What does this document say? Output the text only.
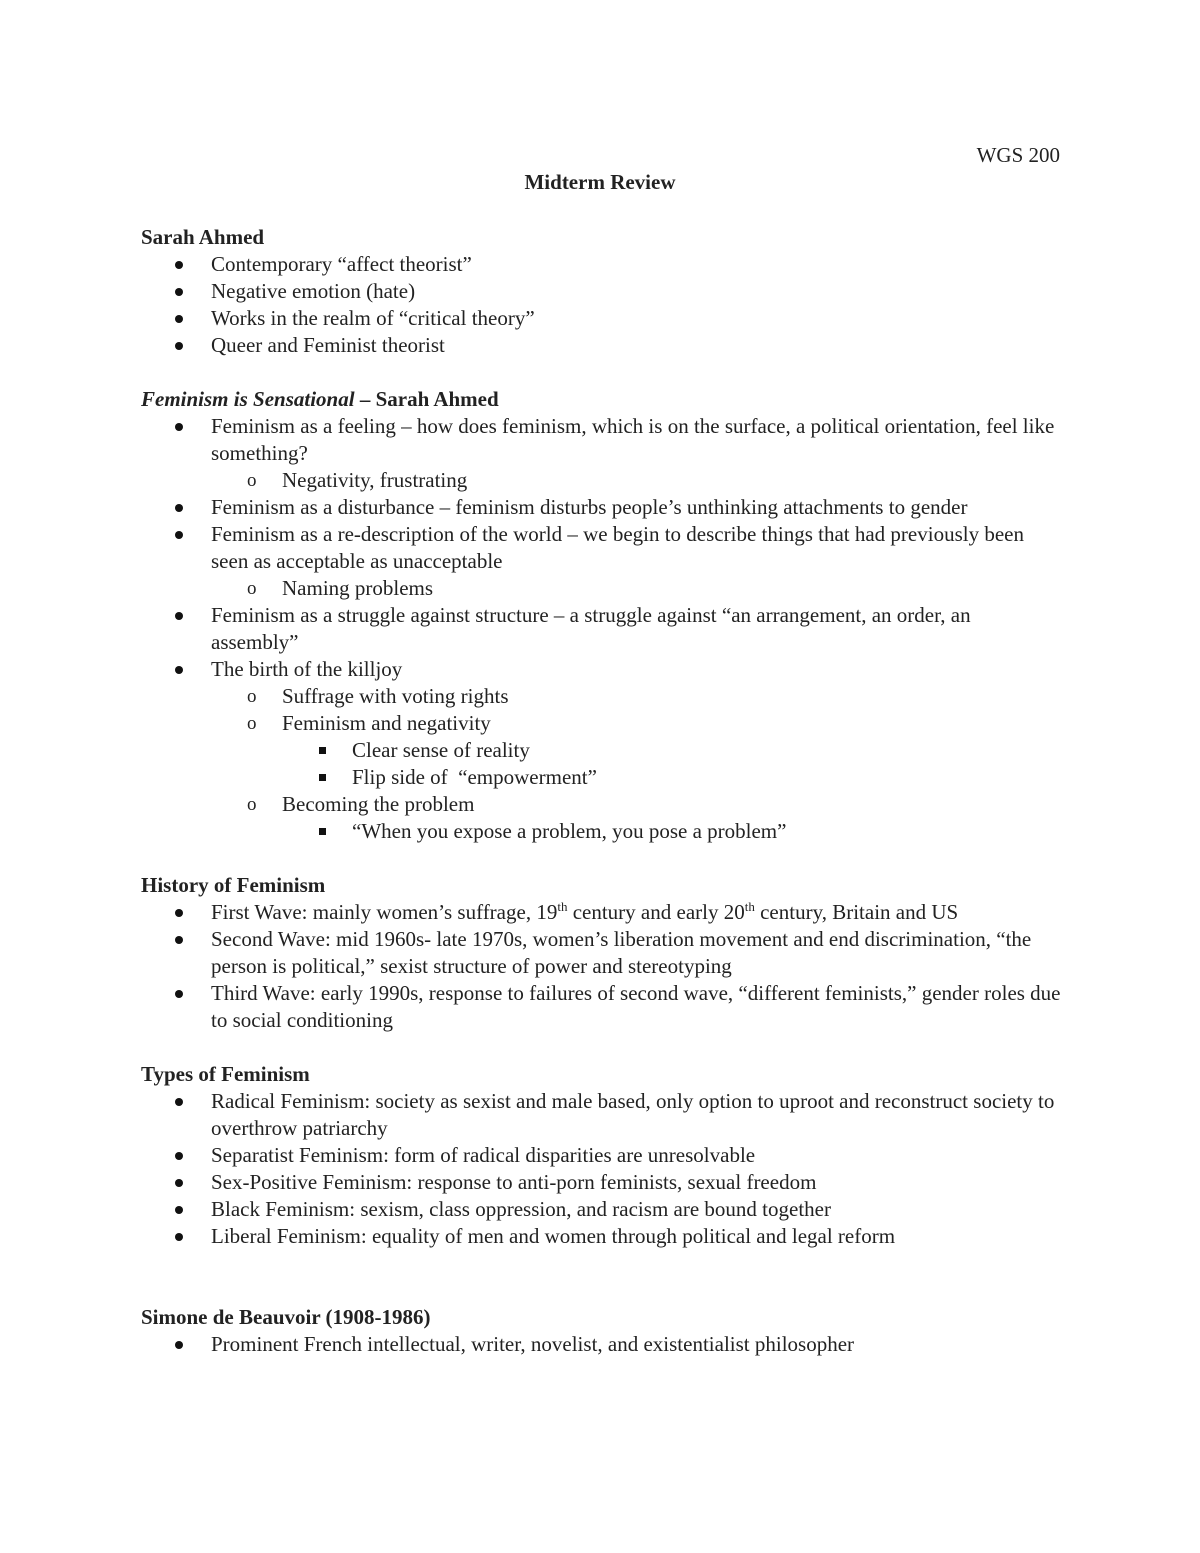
WGS 200
Midterm Review
Sarah Ahmed
Contemporary “affect theorist”
Negative emotion (hate)
Works in the realm of “critical theory”
Queer and Feminist theorist
Feminism is Sensational – Sarah Ahmed
Feminism as a feeling – how does feminism, which is on the surface, a political orientation, feel like something?
o Negativity, frustrating
Feminism as a disturbance – feminism disturbs people’s unthinking attachments to gender
Feminism as a re-description of the world – we begin to describe things that had previously been seen as acceptable as unacceptable
o Naming problems
Feminism as a struggle against structure – a struggle against “an arrangement, an order, an assembly”
The birth of the killjoy
o Suffrage with voting rights
o Feminism and negativity
Clear sense of reality
Flip side of  “empowerment”
o Becoming the problem
“When you expose a problem, you pose a problem”
History of Feminism
First Wave: mainly women’s suffrage, 19th century and early 20th century, Britain and US
Second Wave: mid 1960s- late 1970s, women’s liberation movement and end discrimination, “the person is political,” sexist structure of power and stereotyping
Third Wave: early 1990s, response to failures of second wave, “different feminists,” gender roles due to social conditioning
Types of Feminism
Radical Feminism: society as sexist and male based, only option to uproot and reconstruct society to overthrow patriarchy
Separatist Feminism: form of radical disparities are unresolvable
Sex-Positive Feminism: response to anti-porn feminists, sexual freedom
Black Feminism: sexism, class oppression, and racism are bound together
Liberal Feminism: equality of men and women through political and legal reform
Simone de Beauvoir (1908-1986)
Prominent French intellectual, writer, novelist, and existentialist philosopher
